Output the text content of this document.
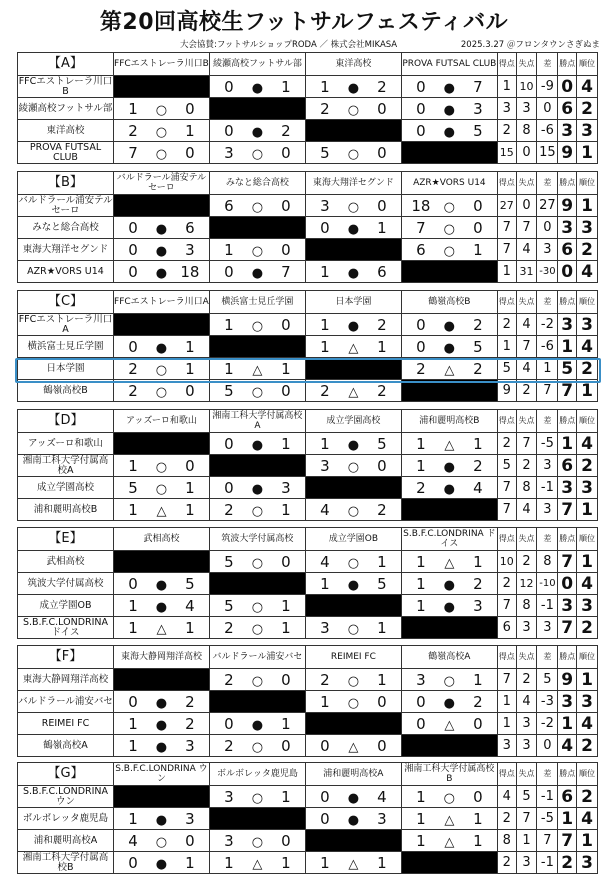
第20回高校生フットサルフェスティバル
大会協賛:フットサルショップRODA ／ 株式会社MIKASA	2025.3.27 ＠フロンタウンさぎぬま
【A】	FFCエストレーラ川口B	綾瀬高校フットサル部	東洋高校	PROVA FUTSAL CLUB	得点	失点	差	勝点	順位
FFCエストレーラ川口B		0 ● 1	1 ● 2	0 ● 7	1	10	-9	0	4
綾瀬高校フットサル部	1 ○ 0		2 ○ 0	0 ● 3	3	3	0	6	2
東洋高校	2 ○ 1	0 ● 2		0 ● 5	2	8	-6	3	3
PROVA FUTSAL CLUB	7 ○ 0	3 ○ 0	5 ○ 0		15	0	15	9	1
【B】	バルドラール浦安テルセーロ	みなと総合高校	東海大翔洋セグンド	AZR★VORS U14	得点	失点	差	勝点	順位
バルドラール浦安テルセーロ		6 ○ 0	3 ○ 0	18 ○ 0	27	0	27	9	1
みなと総合高校	0 ● 6		0 ● 1	7 ○ 0	7	7	0	3	3
東海大翔洋セグンド	0 ● 3	1 ○ 0		6 ○ 1	7	4	3	6	2
AZR★VORS U14	0 ● 18	0 ● 7	1 ● 6		1	31	-30	0	4
【C】	FFCエストレーラ川口A	横浜富士見丘学園	日本学園	鶴嶺高校B	得点	失点	差	勝点	順位
FFCエストレーラ川口A		1 ○ 0	1 ● 2	0 ● 2	2	4	-2	3	3
横浜富士見丘学園	0 ● 1		1 △ 1	0 ● 5	1	7	-6	1	4
日本学園	2 ○ 1	1 △ 1		2 △ 2	5	4	1	5	2
鶴嶺高校B	2 ○ 0	5 ○ 0	2 △ 2		9	2	7	7	1
【D】	アッズーロ和歌山	湘南工科大学付属高校A	成立学園高校	浦和麗明高校B	得点	失点	差	勝点	順位
アッズーロ和歌山		0 ● 1	1 ● 5	1 △ 1	2	7	-5	1	4
湘南工科大学付属高校A	1 ○ 0		3 ○ 0	1 ● 2	5	2	3	6	2
成立学園高校	5 ○ 1	0 ● 3		2 ● 4	7	8	-1	3	3
浦和麗明高校B	1 △ 1	2 ○ 1	4 ○ 2		7	4	3	7	1
【E】	武相高校	筑波大学付属高校	成立学園OB	S.B.F.C.LONDRINA ドイス	得点	失点	差	勝点	順位
武相高校		5 ○ 0	4 ○ 1	1 △ 1	10	2	8	7	1
筑波大学付属高校	0 ● 5		1 ● 5	1 ● 2	2	12	-10	0	4
成立学園OB	1 ● 4	5 ○ 1		1 ● 3	7	8	-1	3	3
S.B.F.C.LONDRINA ドイス	1 △ 1	2 ○ 1	3 ○ 1		6	3	3	7	2
【F】	東海大静岡翔洋高校	バルドラール浦安バセ	REIMEI FC	鶴嶺高校A	得点	失点	差	勝点	順位
東海大静岡翔洋高校		2 ○ 0	2 ○ 1	3 ○ 1	7	2	5	9	1
バルドラール浦安バセ	0 ● 2		1 ○ 0	0 ● 2	1	4	-3	3	3
REIMEI FC	1 ● 2	0 ● 1		0 △ 0	1	3	-2	1	4
鶴嶺高校A	1 ● 3	2 ○ 0	0 △ 0		3	3	0	4	2
【G】	S.B.F.C.LONDRINA ウン	ボルボレッタ鹿児島	浦和麗明高校A	湘南工科大学付属高校B	得点	失点	差	勝点	順位
S.B.F.C.LONDRINA ウン		3 ○ 1	0 ● 4	1 ○ 0	4	5	-1	6	2
ボルボレッタ鹿児島	1 ● 3		0 ● 3	1 △ 1	2	7	-5	1	4
浦和麗明高校A	4 ○ 0	3 ○ 0		1 △ 1	8	1	7	7	1
湘南工科大学付属高校B	0 ● 1	1 △ 1	1 △ 1		2	3	-1	2	3
